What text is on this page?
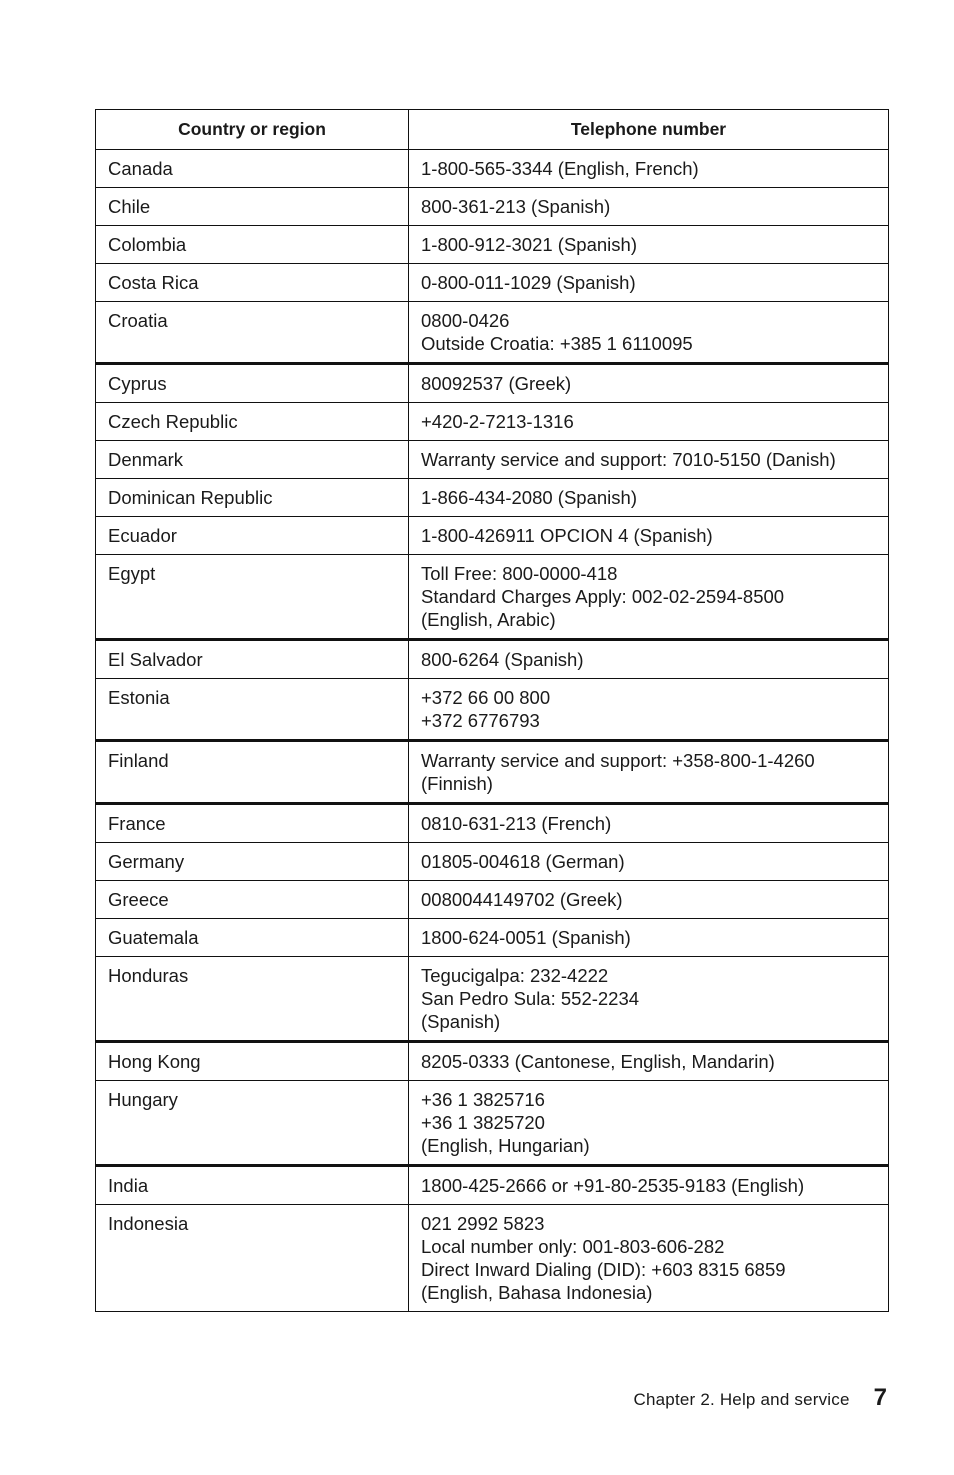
Country or region	Telephone number
Canada	1-800-565-3344 (English, French)

Chile	800-361-213 (Spanish)

Colombia	1-800-912-3021 (Spanish)

Costa Rica	0-800-011-1029 (Spanish)

Croatia	0800-0426
Outside Croatia: +385 1 6110095

Cyprus	80092537 (Greek)

Czech Republic	+420-2-7213-1316

Denmark	Warranty service and support: 7010-5150 (Danish)

Dominican Republic	1-866-434-2080 (Spanish)

Ecuador	1-800-426911 OPCION 4 (Spanish)

Egypt	Toll Free: 800-0000-418
Standard Charges Apply: 002-02-2594-8500
(English, Arabic)

El Salvador	800-6264 (Spanish)

Estonia	+372 66 00 800
+372 6776793

Finland	Warranty service and support: +358-800-1-4260
(Finnish)

France	0810-631-213 (French)

Germany	01805-004618 (German)

Greece	0080044149702 (Greek)

Guatemala	1800-624-0051 (Spanish)

Honduras	Tegucigalpa: 232-4222
San Pedro Sula: 552-2234
(Spanish)

Hong Kong	8205-0333 (Cantonese, English, Mandarin)

Hungary	+36 1 3825716
+36 1 3825720
(English, Hungarian)

India	1800-425-2666 or +91-80-2535-9183 (English)

Indonesia	021 2992 5823
Local number only: 001-803-606-282
Direct Inward Dialing (DID): +603 8315 6859
(English, Bahasa Indonesia)
Chapter 2. Help and service 7
